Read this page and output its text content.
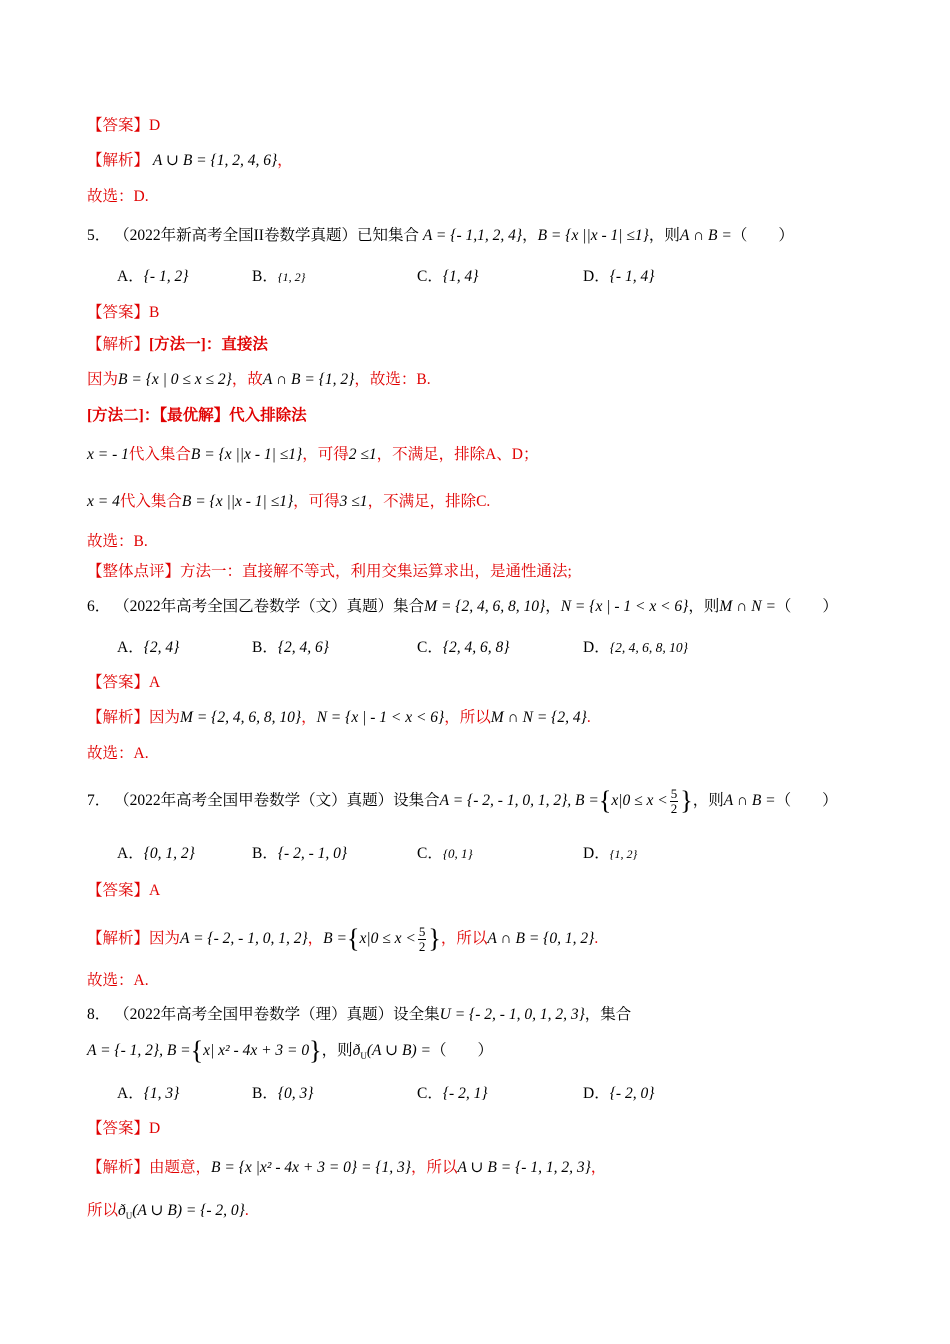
【答案】D
【解析】 A ∪ B = {1, 2, 4, 6}，
故选：D.
5． （2022年新高考全国II卷数学真题）已知集合 A = {- 1,1, 2, 4}，B = {x ||x - 1| ≤1}，则A ∩ B =（　　）
A．{- 1, 2}	B．{1, 2}	C．{1, 4}	D．{- 1, 4}
【答案】B
【解析】[方法一]：直接法
因为B = {x | 0 ≤ x ≤ 2}，故A ∩ B = {1, 2}，故选：B.
[方法二]：【最优解】代入排除法
x = - 1代入集合B = {x ||x - 1| ≤1}，可得2 ≤1，不满足，排除A、D；
x = 4代入集合B = {x ||x - 1| ≤1}，可得3 ≤1，不满足，排除C.
故选：B.
【整体点评】方法一：直接解不等式，利用交集运算求出，是通性通法;
6． （2022年高考全国乙卷数学（文）真题）集合M = {2, 4, 6, 8, 10}，N = {x | - 1 < x < 6}，则M ∩ N =（　　）
A．{2, 4}	B．{2, 4, 6}	C．{2, 4, 6, 8}	D．{2, 4, 6, 8, 10}
【答案】A
【解析】因为M = {2, 4, 6, 8, 10}，N = {x | - 1 < x < 6}，所以M ∩ N = {2, 4}.
故选：A.
7． （2022年高考全国甲卷数学（文）真题）设集合A = {- 2, - 1, 0, 1, 2}, $B =\{x|0 \le x < \frac{5}{2}$ }，则A ∩ B =（　　）
A．{0, 1, 2}	B．{- 2, - 1, 0}	C．{0, 1}	D．{1, 2}
【答案】A
【解析】因为A = {- 2, - 1, 0, 1, 2}，$B =\{x|0 \le x < \frac{5}{2}$ }，所以A ∩ B = {0, 1, 2}.
故选：A.
8． （2022年高考全国甲卷数学（理）真题）设全集U = {- 2, - 1, 0, 1, 2, 3}，集合
A = {- 1, 2}, B ={x| x² - 4x + 3 = 0}，则$ð_U(A$ ∪ B) =（　　）
A．{1, 3}	B．{0, 3}	C．{- 2, 1}	D．{- 2, 0}
【答案】D
【解析】由题意，B = {x |x² - 4x + 3 = 0} = {1, 3}，所以A ∪ B = {- 1, 1, 2, 3}，
所以$ð_U(A$ ∪ B) = {- 2, 0}.
